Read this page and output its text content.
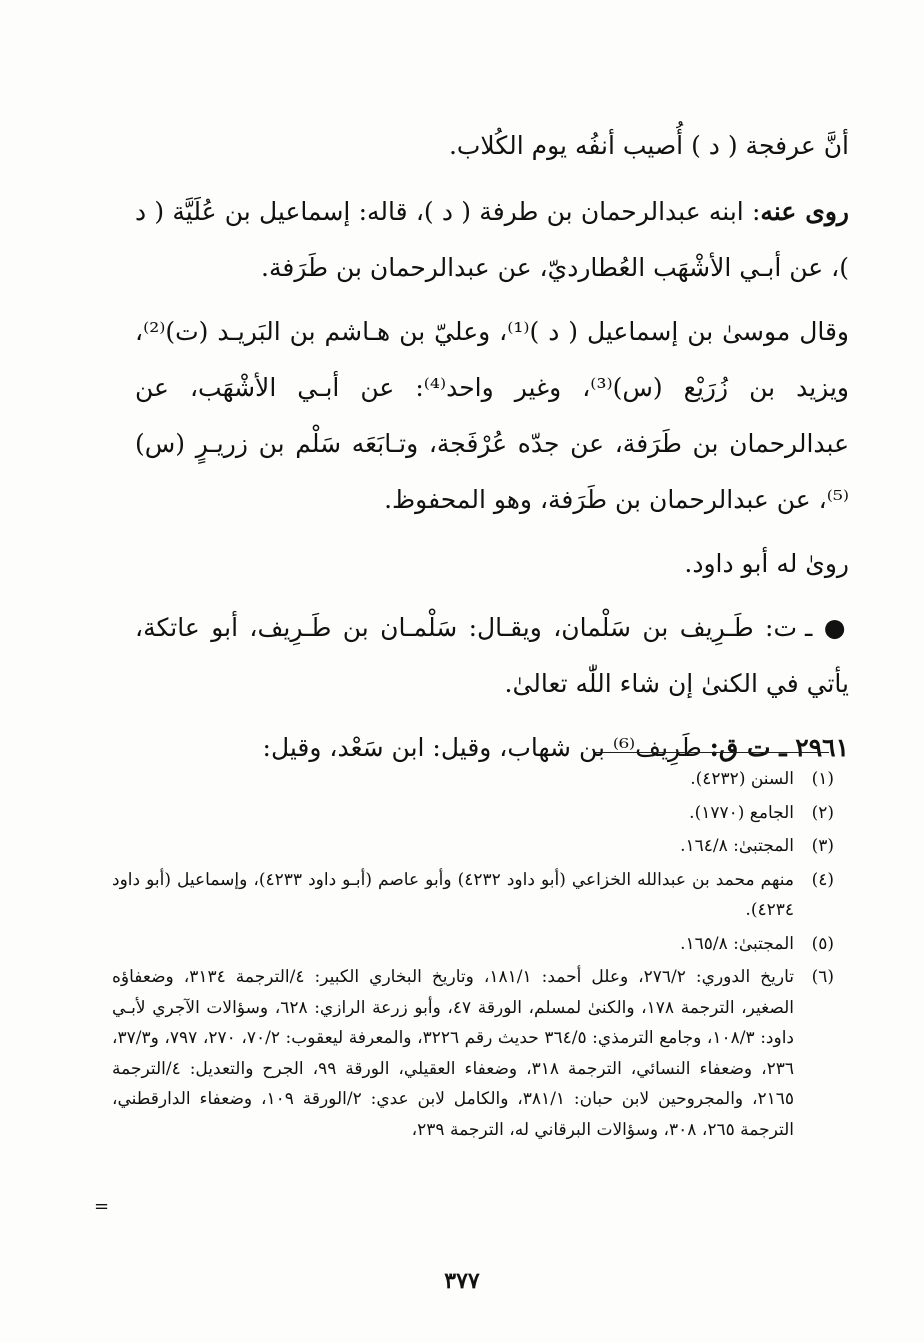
أنَّ عرفجة ( د ) أُصيب أنفُه يوم الكُلاب.

روى عنه: ابنه عبدالرحمان بن طرفة ( د )، قاله: إسماعيل بن عُلَيَّة ( د )، عن أبـي الأشْهَب العُطارديّ، عن عبدالرحمان بن طَرَفة.

وقال موسىٰ بن إسماعيل ( د )⁽¹⁾، وعليّ بن هـاشم بن البَريـد (ت)⁽²⁾، ويزيد بن زُرَيْع (س)⁽³⁾، وغير واحد⁽⁴⁾: عن أبـي الأشْهَب، عن عبدالرحمان بن طَرَفة، عن جدّه عُرْفَجة، وتـابَعَه سَلْم بن زريـرٍ (س)⁽⁵⁾، عن عبدالرحمان بن طَرَفة، وهو المحفوظ.

رو‌ىٰ له أبو داود.

● ـ ت: طَـرِيف بن سَلْمان، ويقـال: سَلْمـان بن طَـرِيف، أبو عاتكة، يأتي في الكنىٰ إن شاء اللّٰه تعالىٰ.

٢٩٦١ ـ ت ق: طَرِيف⁽⁶⁾ بن شهاب، وقيل: ابن سَعْد، وقيل:

(١)
السنن (٤٢٣٢).
(٢)
الجامع (١٧٧٠).
(٣)
المجتبىٰ: ١٦٤/٨.
(٤)
منهم محمد بن عبدالله الخزاعي (أبو داود ٤٢٣٢) وأبو عاصم (أبـو داود ٤٢٣٣)، وإسماعيل (أبو داود ٤٢٣٤).
(٥)
المجتبىٰ: ١٦٥/٨.
(٦)
تاريخ الدوري: ٢٧٦/٢، وعلل أحمد: ١٨١/١، وتاريخ البخاري الكبير: ٤/الترجمة ٣١٣٤، وضعفاؤه الصغير، الترجمة ١٧٨، والكنىٰ لمسلم، الورقة ٤٧، وأبو زرعة الرازي: ٦٢٨، وسؤالات الآجري لأبـي داود: ١٠٨/٣، وجامع الترمذي: ٣٦٤/٥ حديث رقم ٣٢٢٦، والمعرفة ليعقوب: ٧٠/٢، ٢٧٠، ٧٩٧، و٣٧/٣، ٢٣٦، وضعفاء النسائي، الترجمة ٣١٨، وضعفاء العقيلي، الورقة ٩٩، الجرح والتعديل: ٤/الترجمة ٢١٦٥، والمجروحين لابن حبان: ٣٨١/١، والكامل لابن عدي: ٢/الورقة ١٠٩، وضعفاء الدارقطني، الترجمة ٢٦٥، ٣٠٨، وسؤالات البرقاني له، الترجمة ٢٣٩،
=
٣٧٧
